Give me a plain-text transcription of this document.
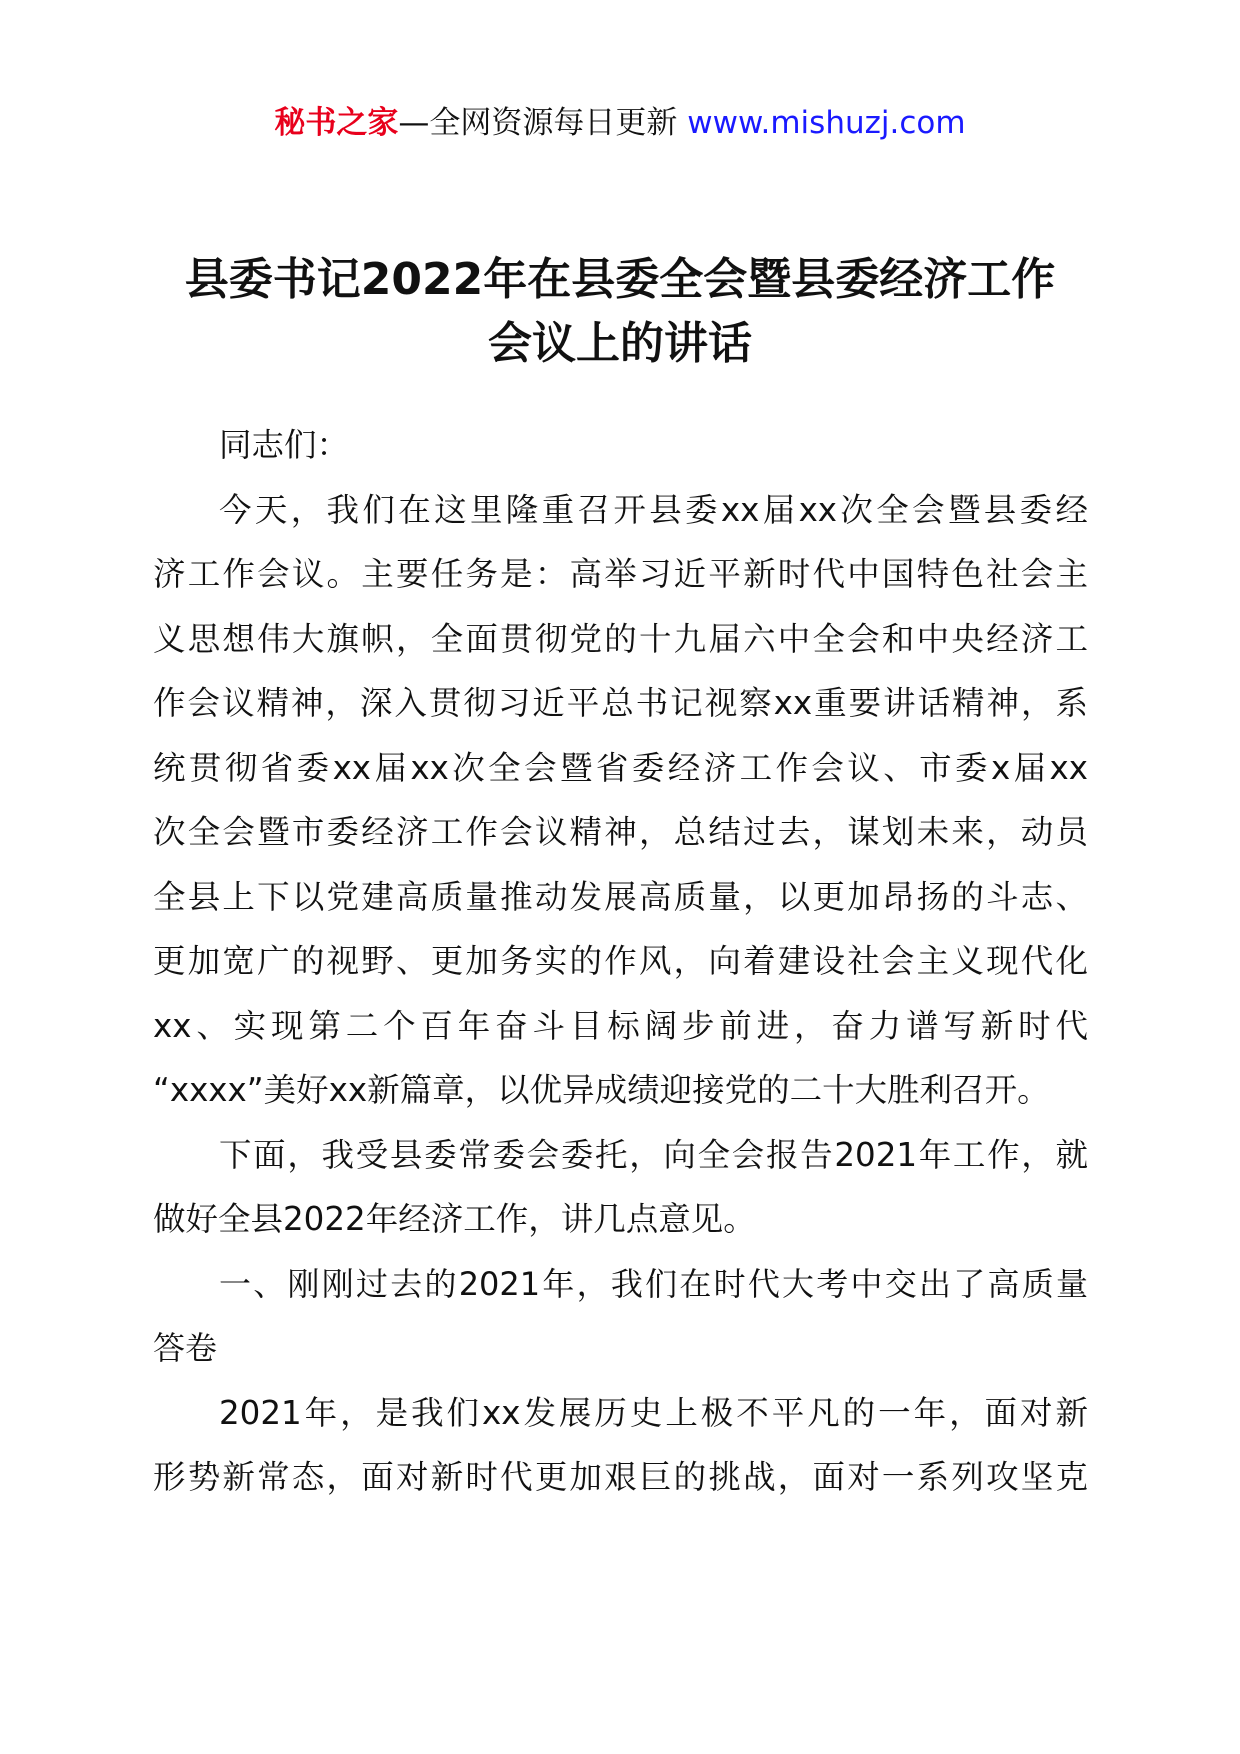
秘书之家—全网资源每日更新 www.mishuzj.com
县委书记2022年在县委全会暨县委经济工作
会议上的讲话
同志们：
今天，我们在这里隆重召开县委xx届xx次全会暨县委经
济工作会议。主要任务是：高举习近平新时代中国特色社会主
义思想伟大旗帜，全面贯彻党的十九届六中全会和中央经济工
作会议精神，深入贯彻习近平总书记视察xx重要讲话精神，系
统贯彻省委xx届xx次全会暨省委经济工作会议、市委x届xx
次全会暨市委经济工作会议精神，总结过去，谋划未来，动员
全县上下以党建高质量推动发展高质量，以更加昂扬的斗志、
更加宽广的视野、更加务实的作风，向着建设社会主义现代化
xx、实现第二个百年奋斗目标阔步前进，奋力谱写新时代
“xxxx”美好xx新篇章，以优异成绩迎接党的二十大胜利召开。
下面，我受县委常委会委托，向全会报告2021年工作，就
做好全县2022年经济工作，讲几点意见。
一、刚刚过去的2021年，我们在时代大考中交出了高质量
答卷
2021年，是我们xx发展历史上极不平凡的一年，面对新
形势新常态，面对新时代更加艰巨的挑战，面对一系列攻坚克
